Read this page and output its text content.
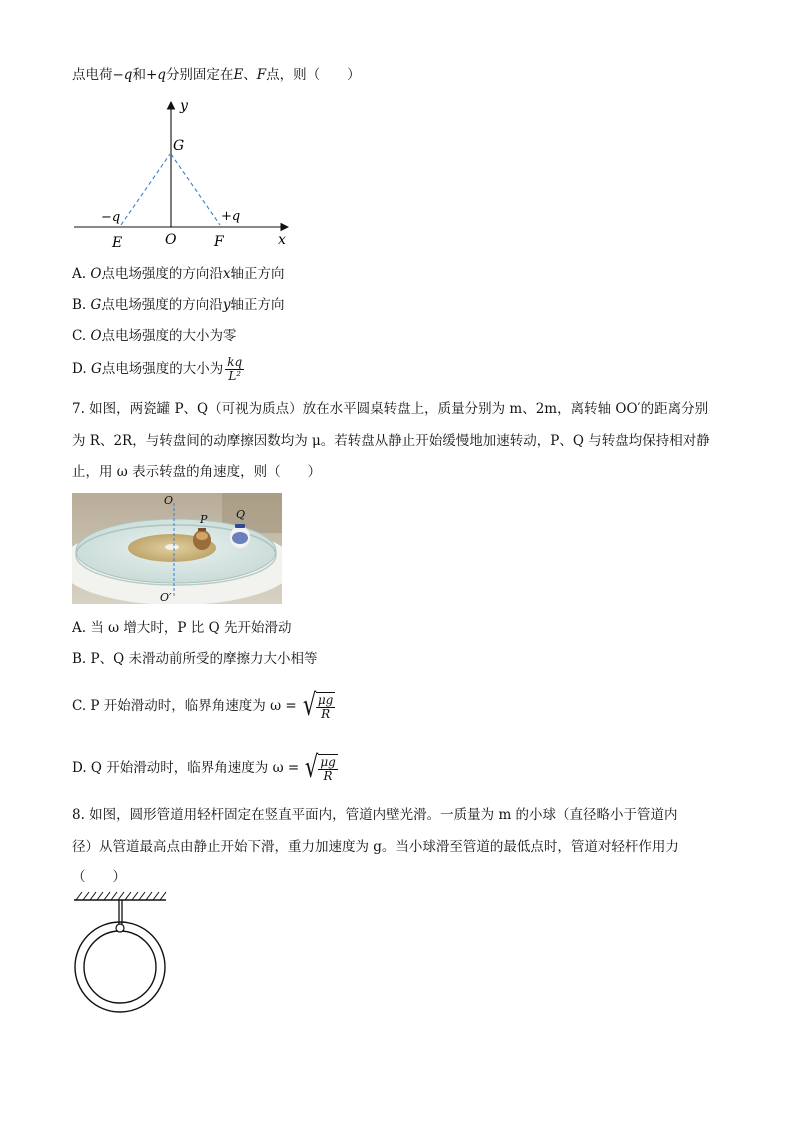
点电荷−q和+q分别固定在E、F点，则（　　）
y
x
G
O
E	F
−q	+q
A. O点电场强度的方向沿x轴正方向
B. G点电场强度的方向沿y轴正方向
C. O点电场强度的大小为零
D. G点电场强度的大小为 $\frac{kq}{\text{L²}}$
7. 如图，两瓷罐 P、Q（可视为质点）放在水平圆桌转盘上，质量分别为 m、2m，离转轴 OO′的距离分别
为 R、2R，与转盘间的动摩擦因数均为 μ。若转盘从静止开始缓慢地加速转动，P、Q 与转盘均保持相对静
止，用 ω 表示转盘的角速度，则（　　）
O
O′
P	Q
A. 当 ω 增大时，P 比 Q 先开始滑动
B. P、Q 未滑动前所受的摩擦力大小相等
C. P 开始滑动时，临界角速度为 ω = √ $\frac{\mu g}{R}$
D. Q 开始滑动时，临界角速度为 ω = √ $\frac{\mu g}{R}$
8. 如图，圆形管道用轻杆固定在竖直平面内，管道内壁光滑。一质量为 m 的小球（直径略小于管道内
径）从管道最高点由静止开始下滑，重力加速度为 g。当小球滑至管道的最低点时，管道对轻杆作用力
（　　）
